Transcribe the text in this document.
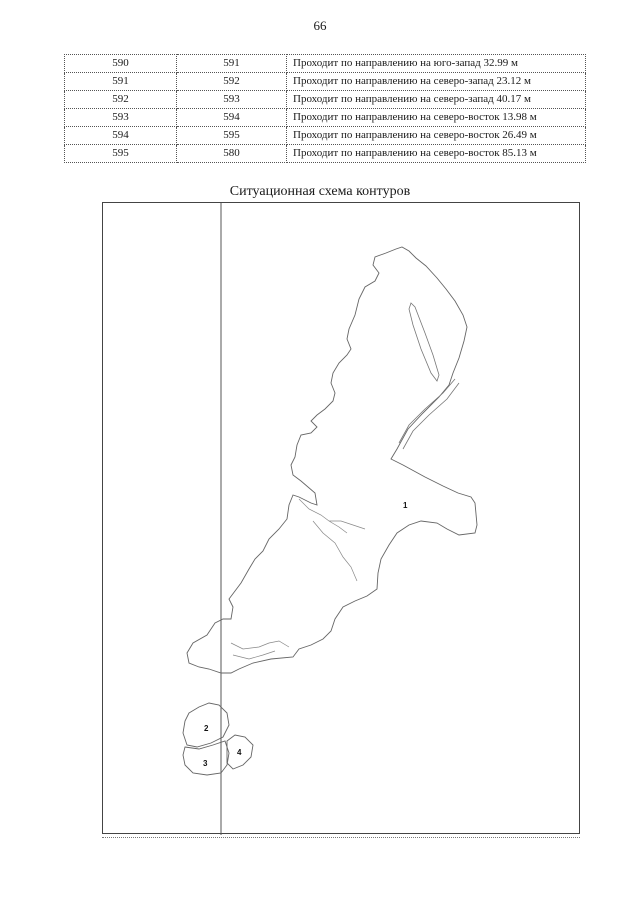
66
590	591	Проходит по направлению на юго-запад 32.99 м
591	592	Проходит по направлению на северо-запад 23.12 м
592	593	Проходит по направлению на северо-запад 40.17 м
593	594	Проходит по направлению на северо-восток 13.98 м
594	595	Проходит по направлению на северо-восток 26.49 м
595	580	Проходит по направлению на северо-восток 85.13 м
Ситуационная схема контуров
1
2
3
4
